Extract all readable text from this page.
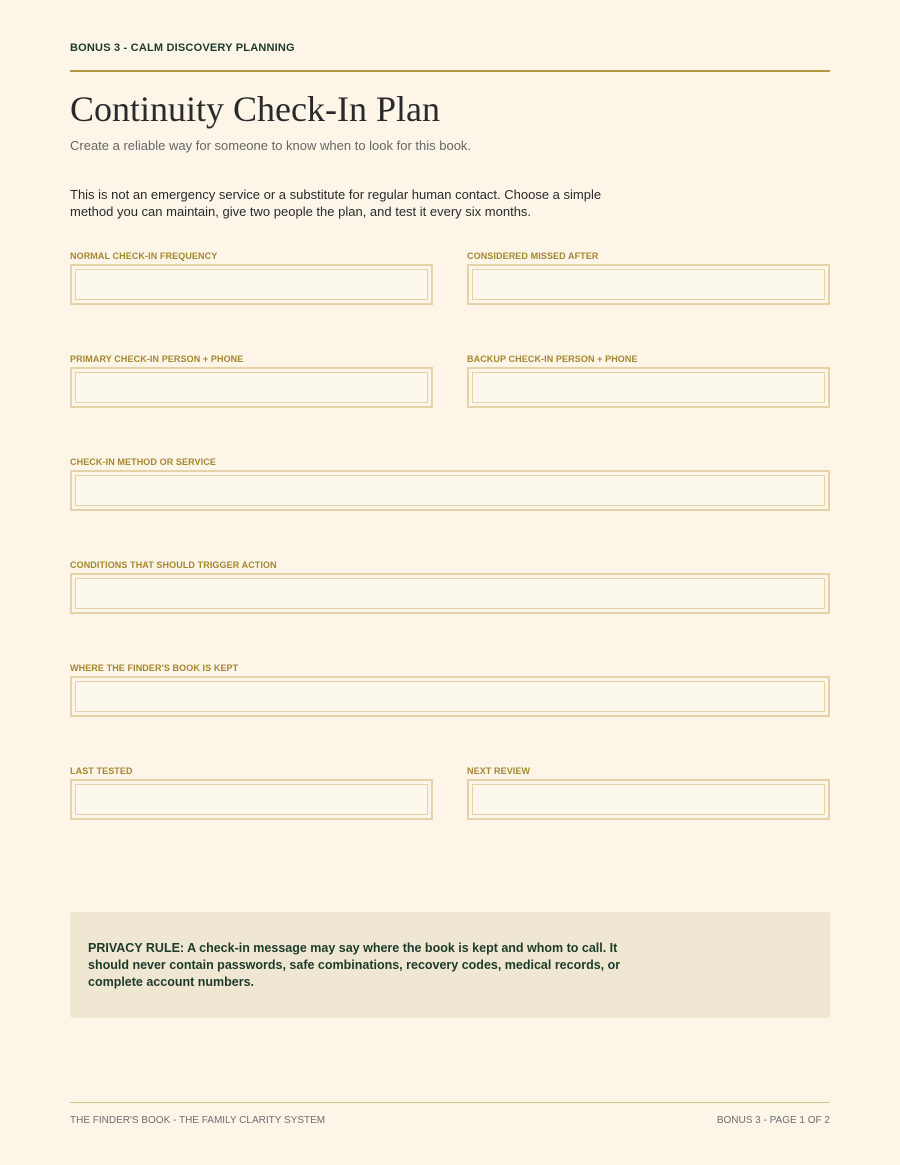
BONUS 3 - CALM DISCOVERY PLANNING
Continuity Check-In Plan
Create a reliable way for someone to know when to look for this book.
This is not an emergency service or a substitute for regular human contact. Choose a simple method you can maintain, give two people the plan, and test it every six months.
NORMAL CHECK-IN FREQUENCY	CONSIDERED MISSED AFTER
PRIMARY CHECK-IN PERSON + PHONE	BACKUP CHECK-IN PERSON + PHONE
CHECK-IN METHOD OR SERVICE
CONDITIONS THAT SHOULD TRIGGER ACTION
WHERE THE FINDER'S BOOK IS KEPT
LAST TESTED	NEXT REVIEW

PRIVACY RULE: A check-in message may say where the book is kept and whom to call. It should never contain passwords, safe combinations, recovery codes, medical records, or complete account numbers.

THE FINDER'S BOOK - THE FAMILY CLARITY SYSTEM	BONUS 3 - PAGE 1 OF 2
